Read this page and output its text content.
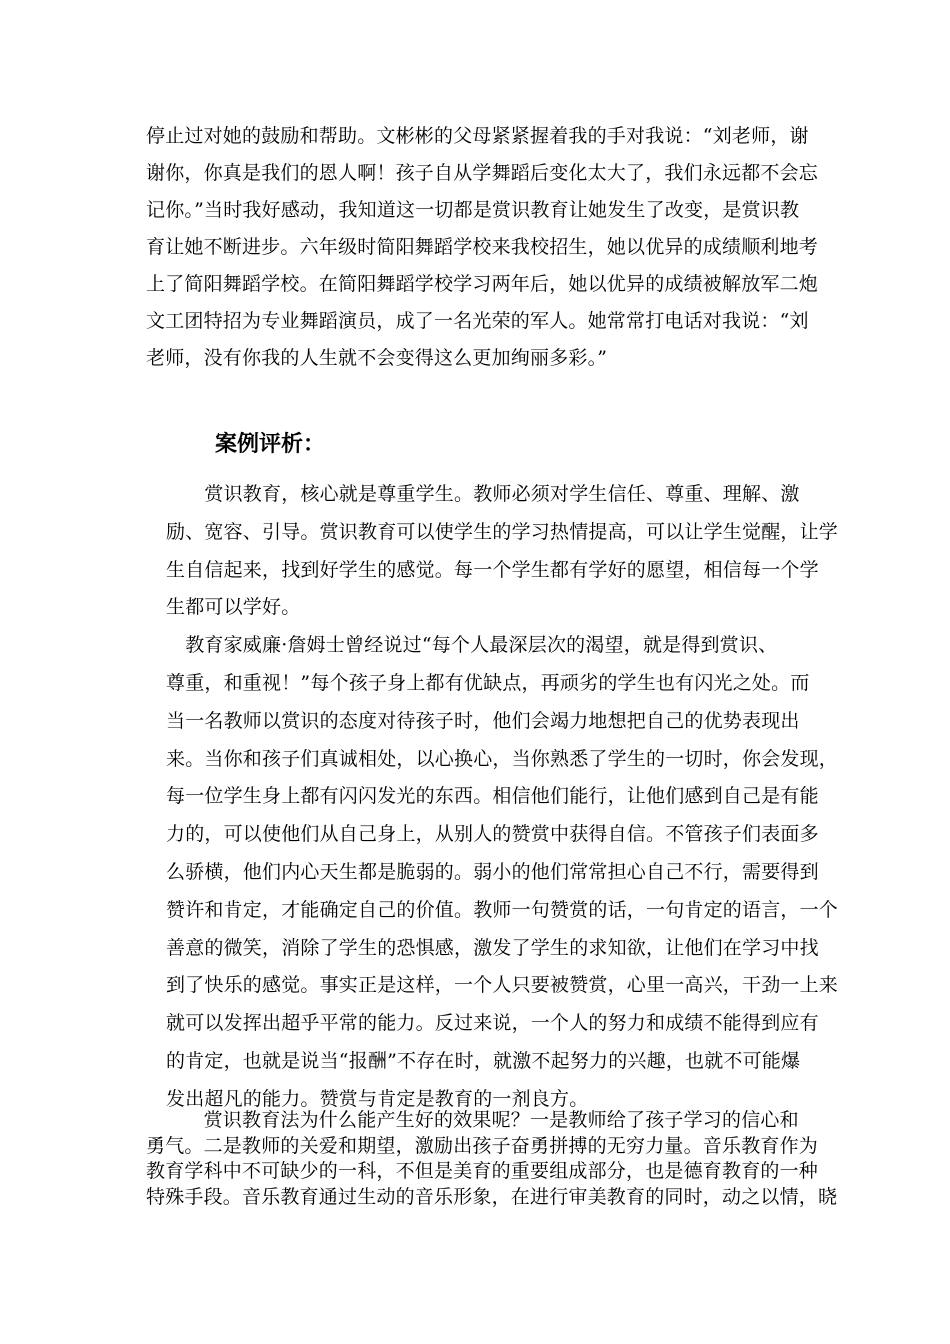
停止过对她的鼓励和帮助。文彬彬的父母紧紧握着我的手对我说：“刘老师，谢
谢你，你真是我们的恩人啊！孩子自从学舞蹈后变化太大了，我们永远都不会忘
记你。”当时我好感动，我知道这一切都是赏识教育让她发生了改变，是赏识教
育让她不断进步。六年级时简阳舞蹈学校来我校招生，她以优异的成绩顺利地考
上了简阳舞蹈学校。在简阳舞蹈学校学习两年后，她以优异的成绩被解放军二炮
文工团特招为专业舞蹈演员，成了一名光荣的军人。她常常打电话对我说：“刘
老师，没有你我的人生就不会变得这么更加绚丽多彩。”
案例评析：
　　赏识教育，核心就是尊重学生。教师必须对学生信任、尊重、理解、激
励、宽容、引导。赏识教育可以使学生的学习热情提高，可以让学生觉醒，让学
生自信起来，找到好学生的感觉。每一个学生都有学好的愿望，相信每一个学
生都可以学好。
　教育家威廉·詹姆士曾经说过“每个人最深层次的渴望，就是得到赏识、
尊重，和重视！”每个孩子身上都有优缺点，再顽劣的学生也有闪光之处。而
当一名教师以赏识的态度对待孩子时，他们会竭力地想把自己的优势表现出
来。当你和孩子们真诚相处，以心换心，当你熟悉了学生的一切时，你会发现，
每一位学生身上都有闪闪发光的东西。相信他们能行，让他们感到自己是有能
力的，可以使他们从自己身上，从别人的赞赏中获得自信。不管孩子们表面多
么骄横，他们内心天生都是脆弱的。弱小的他们常常担心自己不行，需要得到
赞许和肯定，才能确定自己的价值。教师一句赞赏的话，一句肯定的语言，一个
善意的微笑，消除了学生的恐惧感，激发了学生的求知欲，让他们在学习中找
到了快乐的感觉。事实正是这样，一个人只要被赞赏，心里一高兴，干劲一上来
就可以发挥出超乎平常的能力。反过来说，一个人的努力和成绩不能得到应有
的肯定，也就是说当“报酬”不存在时，就激不起努力的兴趣，也就不可能爆
发出超凡的能力。赞赏与肯定是教育的一剂良方。
　　　赏识教育法为什么能产生好的效果呢？一是教师给了孩子学习的信心和
勇气。二是教师的关爱和期望，激励出孩子奋勇拼搏的无穷力量。音乐教育作为
教育学科中不可缺少的一科，不但是美育的重要组成部分，也是德育教育的一种
特殊手段。音乐教育通过生动的音乐形象，在进行审美教育的同时，动之以情，晓
